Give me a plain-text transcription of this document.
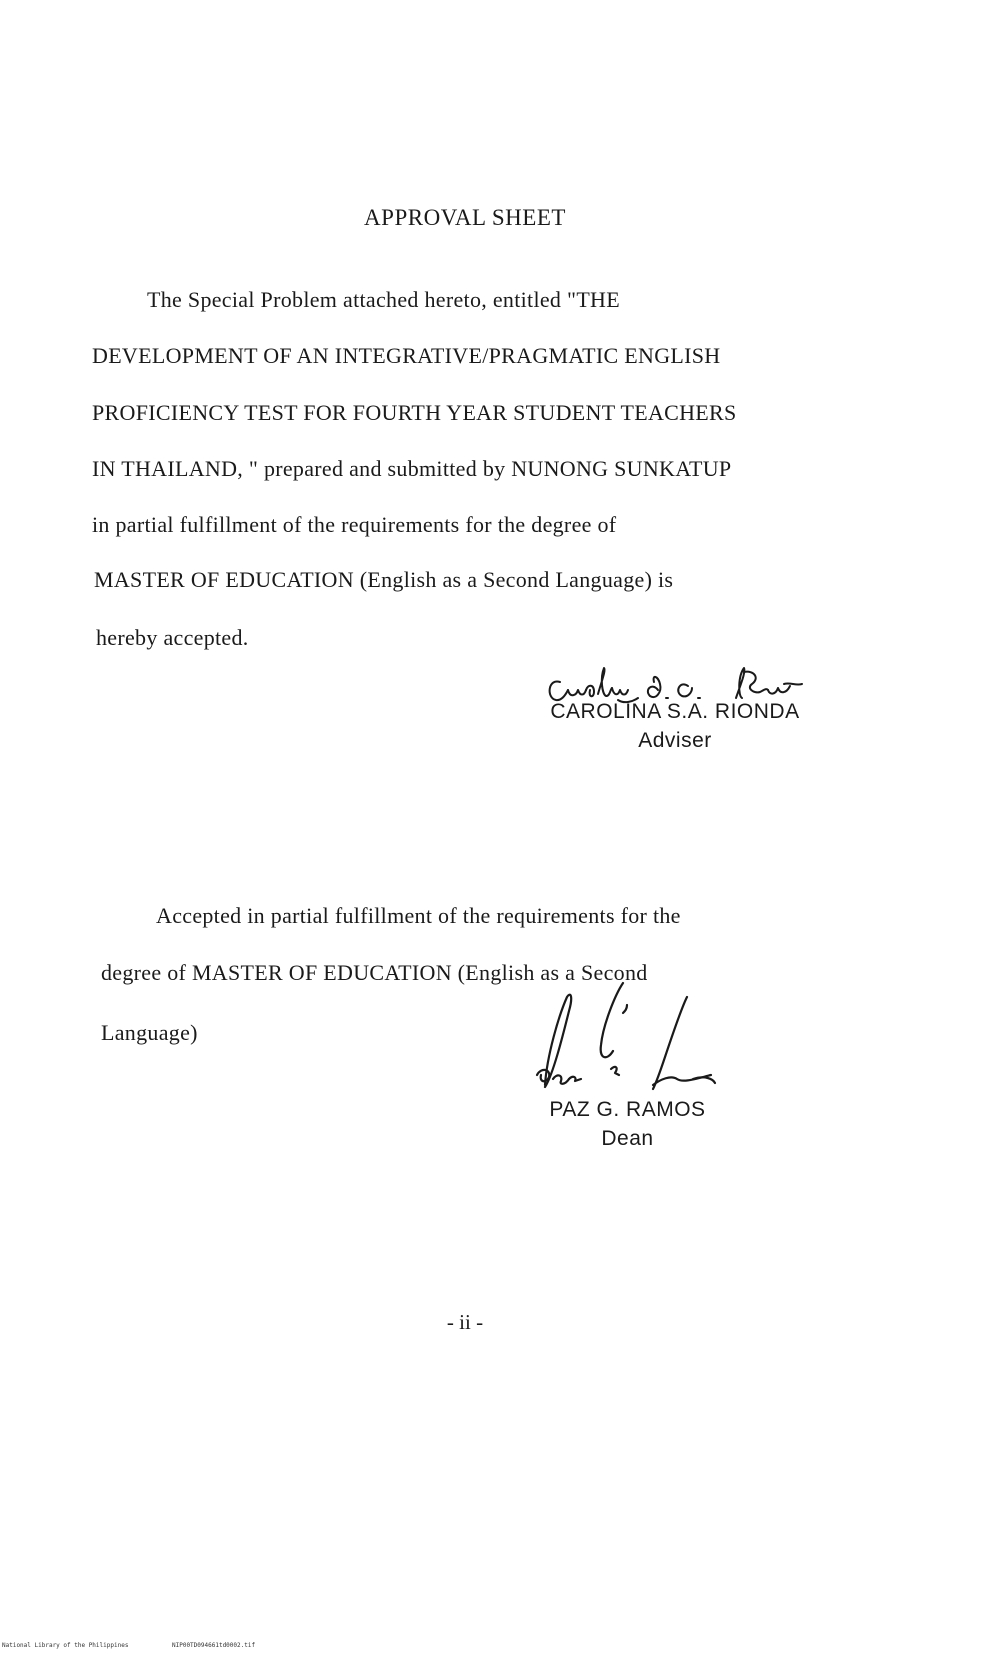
APPROVAL SHEET
The Special Problem attached hereto, entitled "THE
DEVELOPMENT OF AN INTEGRATIVE/PRAGMATIC ENGLISH
PROFICIENCY TEST FOR FOURTH YEAR STUDENT TEACHERS
IN THAILAND, " prepared and submitted by NUNONG SUNKATUP
in partial fulfillment of the requirements for the degree of
MASTER OF EDUCATION (English as a Second Language) is
hereby accepted.
CAROLINA S.A. RIONDA
Adviser
Accepted in partial fulfillment of the requirements for the
degree of MASTER OF EDUCATION (English as a Second
Language)
PAZ G. RAMOS
Dean
- ii -
National Library of the Philippines	NIP00TD094661td0002.tif
